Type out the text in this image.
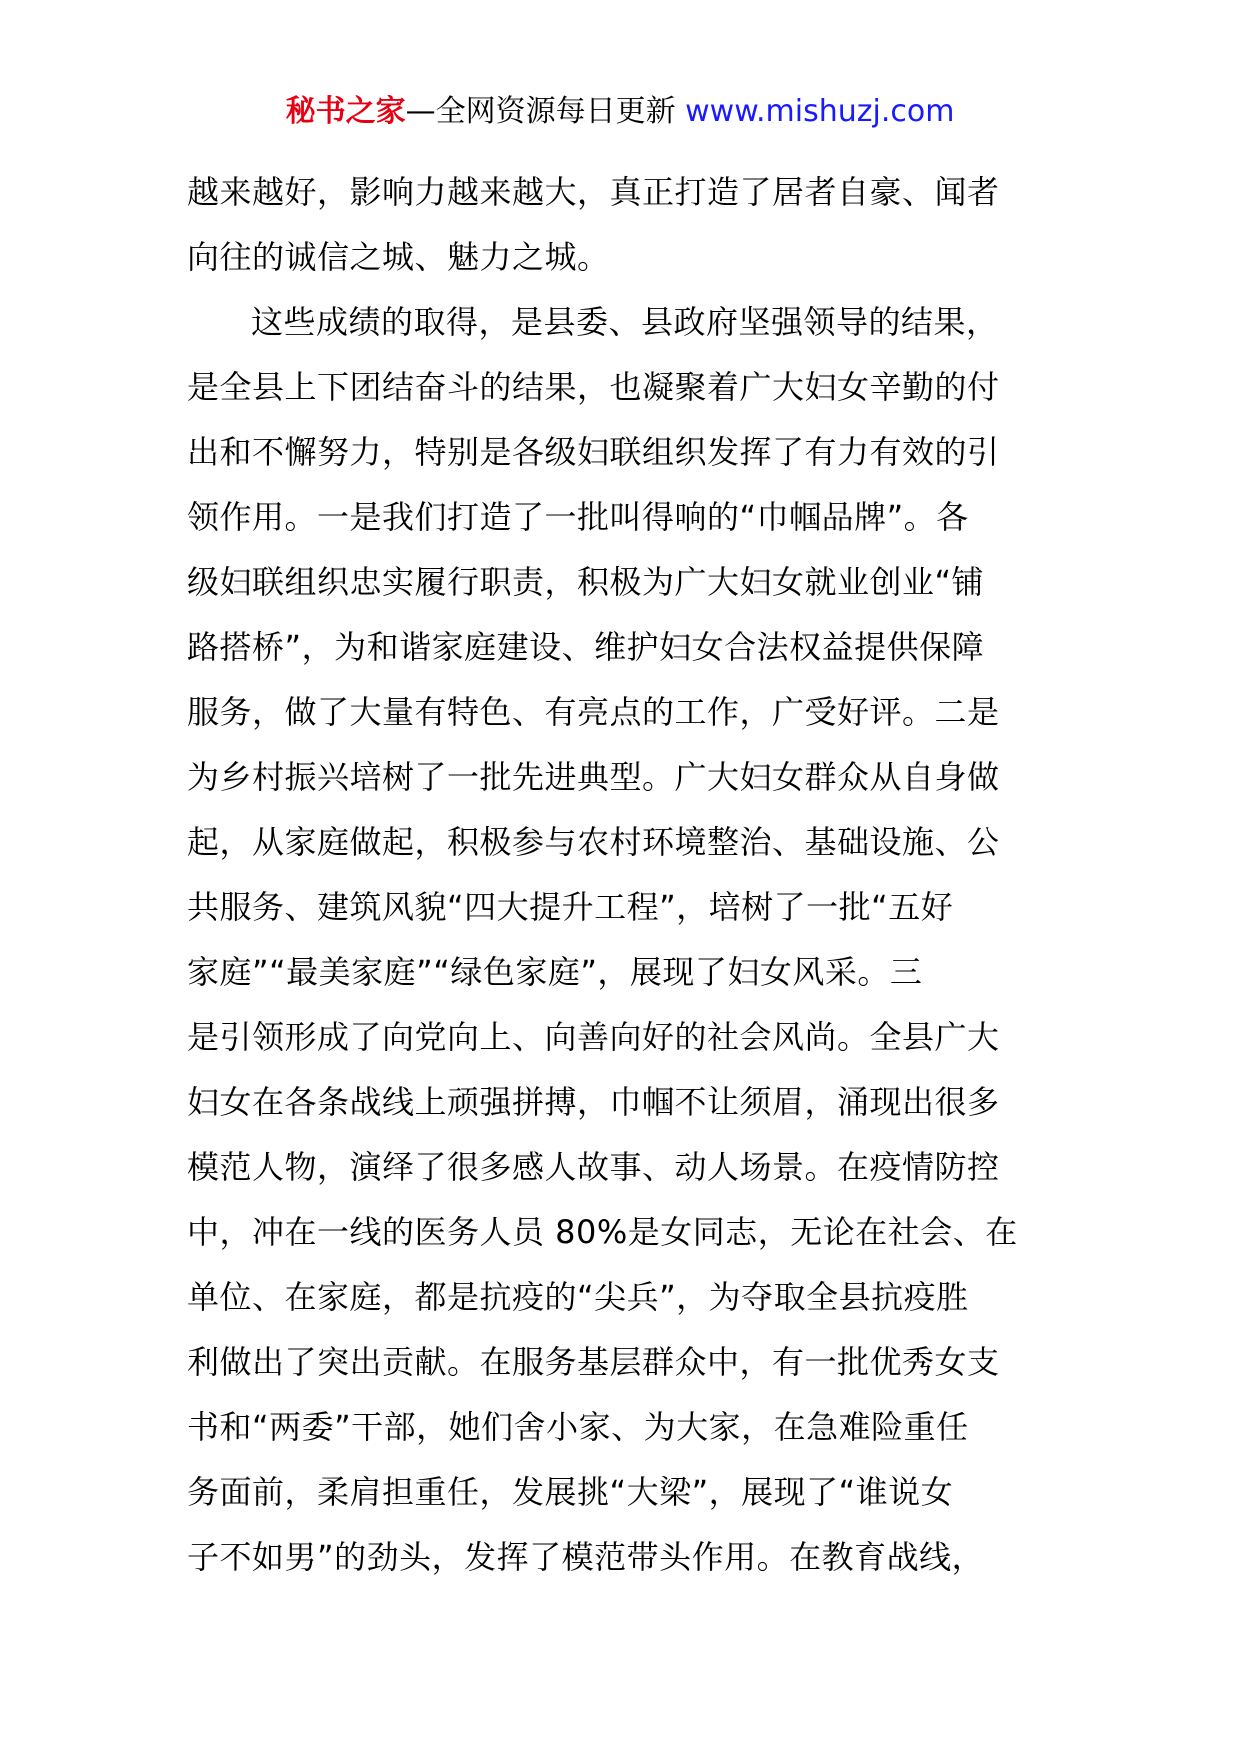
秘书之家—全网资源每日更新 www.mishuzj.com
越来越好，影响力越来越大，真正打造了居者自豪、闻者
向往的诚信之城、魅力之城。
这些成绩的取得，是县委、县政府坚强领导的结果，
是全县上下团结奋斗的结果，也凝聚着广大妇女辛勤的付
出和不懈努力，特别是各级妇联组织发挥了有力有效的引
领作用。一是我们打造了一批叫得响的“巾帼品牌”。各
级妇联组织忠实履行职责，积极为广大妇女就业创业“铺
路搭桥”，为和谐家庭建设、维护妇女合法权益提供保障
服务，做了大量有特色、有亮点的工作，广受好评。二是
为乡村振兴培树了一批先进典型。广大妇女群众从自身做
起，从家庭做起，积极参与农村环境整治、基础设施、公
共服务、建筑风貌“四大提升工程”，培树了一批“五好
家庭”“最美家庭”“绿色家庭”，展现了妇女风采。三
是引领形成了向党向上、向善向好的社会风尚。全县广大
妇女在各条战线上顽强拼搏，巾帼不让须眉，涌现出很多
模范人物，演绎了很多感人故事、动人场景。在疫情防控
中，冲在一线的医务人员 80%是女同志，无论在社会、在
单位、在家庭，都是抗疫的“尖兵”，为夺取全县抗疫胜
利做出了突出贡献。在服务基层群众中，有一批优秀女支
书和“两委”干部，她们舍小家、为大家，在急难险重任
务面前，柔肩担重任，发展挑“大梁”，展现了“谁说女
子不如男”的劲头，发挥了模范带头作用。在教育战线，
